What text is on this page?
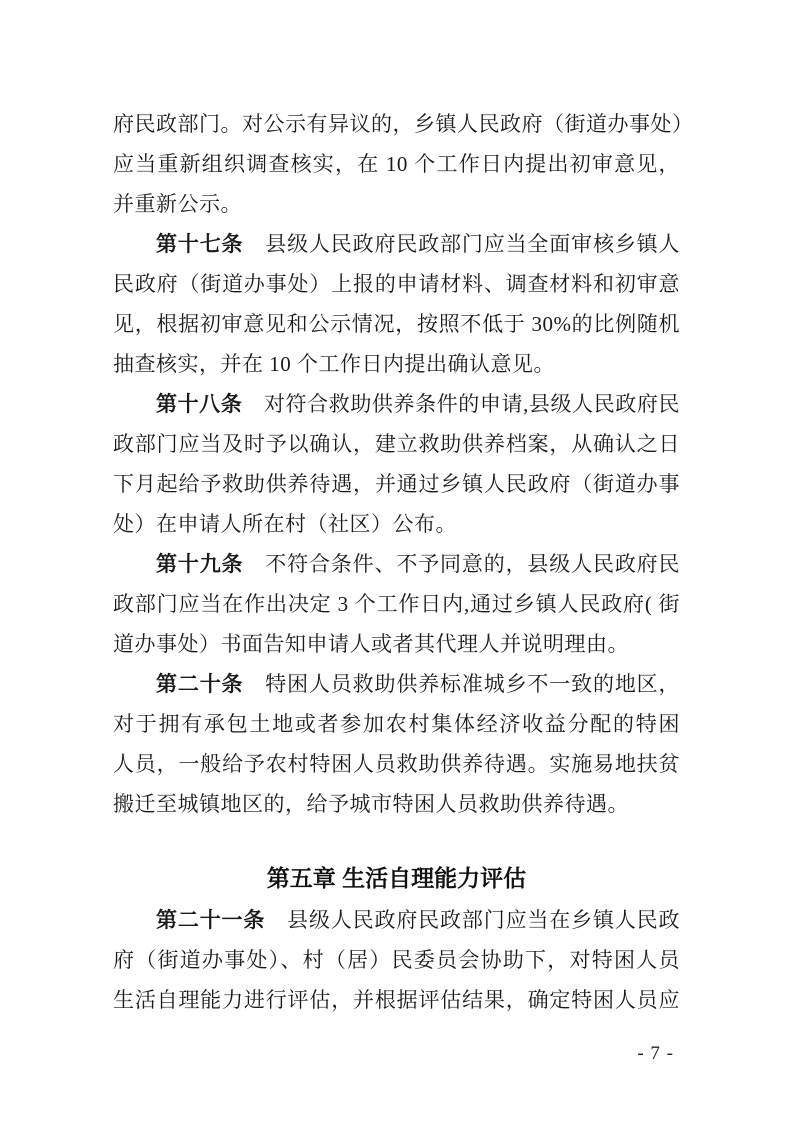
府民政部门。对公示有异议的，乡镇人民政府（街道办事处）
应当重新组织调查核实，在 10 个工作日内提出初审意见，
并重新公示。
第十七条　县级人民政府民政部门应当全面审核乡镇人
民政府（街道办事处）上报的申请材料、调查材料和初审意
见，根据初审意见和公示情况，按照不低于 30%的比例随机
抽查核实，并在 10 个工作日内提出确认意见。
第十八条　对符合救助供养条件的申请,县级人民政府民
政部门应当及时予以确认，建立救助供养档案，从确认之日
下月起给予救助供养待遇，并通过乡镇人民政府（街道办事
处）在申请人所在村（社区）公布。
第十九条　不符合条件、不予同意的，县级人民政府民
政部门应当在作出决定 3 个工作日内,通过乡镇人民政府( 街
道办事处）书面告知申请人或者其代理人并说明理由。
第二十条　特困人员救助供养标准城乡不一致的地区，
对于拥有承包土地或者参加农村集体经济收益分配的特困
人员，一般给予农村特困人员救助供养待遇。实施易地扶贫
搬迁至城镇地区的，给予城市特困人员救助供养待遇。
第五章 生活自理能力评估
第二十一条　县级人民政府民政部门应当在乡镇人民政
府（街道办事处）、村（居）民委员会协助下，对特困人员
生活自理能力进行评估，并根据评估结果，确定特困人员应
- 7 -
